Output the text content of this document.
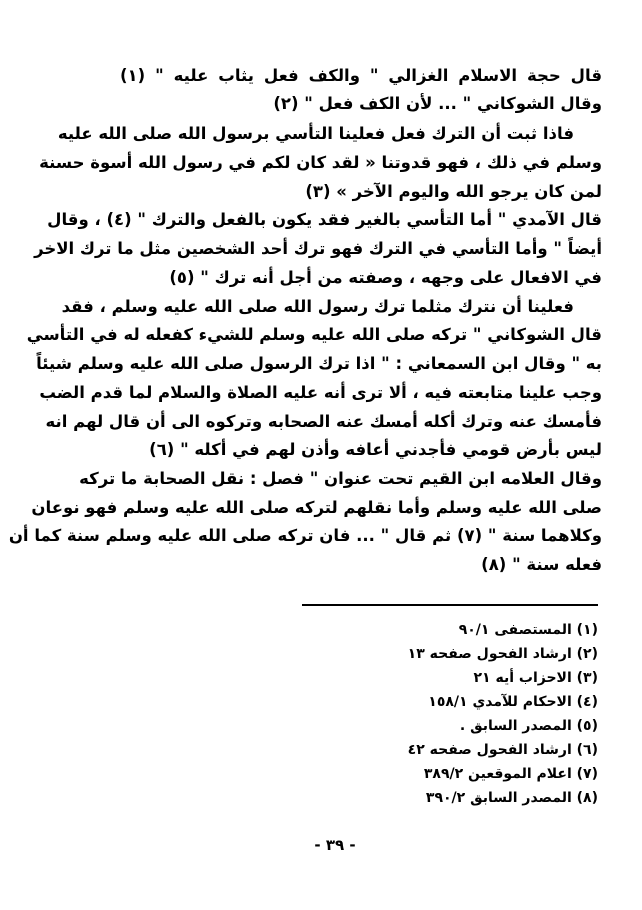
قال حجة الاسلام الغزالي " والكف فعل يثاب عليه " (١)
وقال الشوكاني " ... لأن الكف فعل " (٢)
فاذا ثبت أن الترك فعل فعلينا التأسي برسول الله صلى الله عليه
وسلم في ذلك ، فهو قدوتنا « لقد كان لكم في رسول الله أسوة حسنة
لمن كان يرجو الله واليوم الآخر » (٣)
قال الآمدي " أما التأسي بالغير فقد يكون بالفعل والترك " (٤) ، وقال
أيضاً " وأما التأسي في الترك فهو ترك أحد الشخصين مثل ما ترك الاخر
في الافعال على وجهه ، وصفته من أجل أنه ترك " (٥)
فعلينا أن نترك مثلما ترك رسول الله صلى الله عليه وسلم ، فقد
قال الشوكاني " تركه صلى الله عليه وسلم للشيء كفعله له في التأسي
به " وقال ابن السمعاني : " اذا ترك الرسول صلى الله عليه وسلم شيئاً
وجب علينا متابعته فيه ، ألا ترى أنه عليه الصلاة والسلام لما قدم الضب
فأمسك عنه وترك أكله أمسك عنه الصحابه وتركوه الى أن قال لهم انه
ليس بأرض قومي فأجدني أعافه وأذن لهم في أكله " (٦)
وقال العلامه ابن القيم تحت عنوان " فصل : نقل الصحابة ما تركه
صلى الله عليه وسلم وأما نقلهم لتركه صلى الله عليه وسلم فهو نوعان
وكلاهما سنة " (٧) ثم قال " ... فان تركه صلى الله عليه وسلم سنة كما أن
فعله سنة " (٨)
(١) المستصفى ٩٠/١
(٢) ارشاد الفحول صفحه ١٣
(٣) الاحزاب أيه ٢١
(٤) الاحكام للآمدي ١٥٨/١
(٥) المصدر السابق .
(٦) ارشاد الفحول صفحه ٤٢
(٧) اعلام الموقعين ٣٨٩/٢
(٨) المصدر السابق ٣٩٠/٢
- ٣٩ -
